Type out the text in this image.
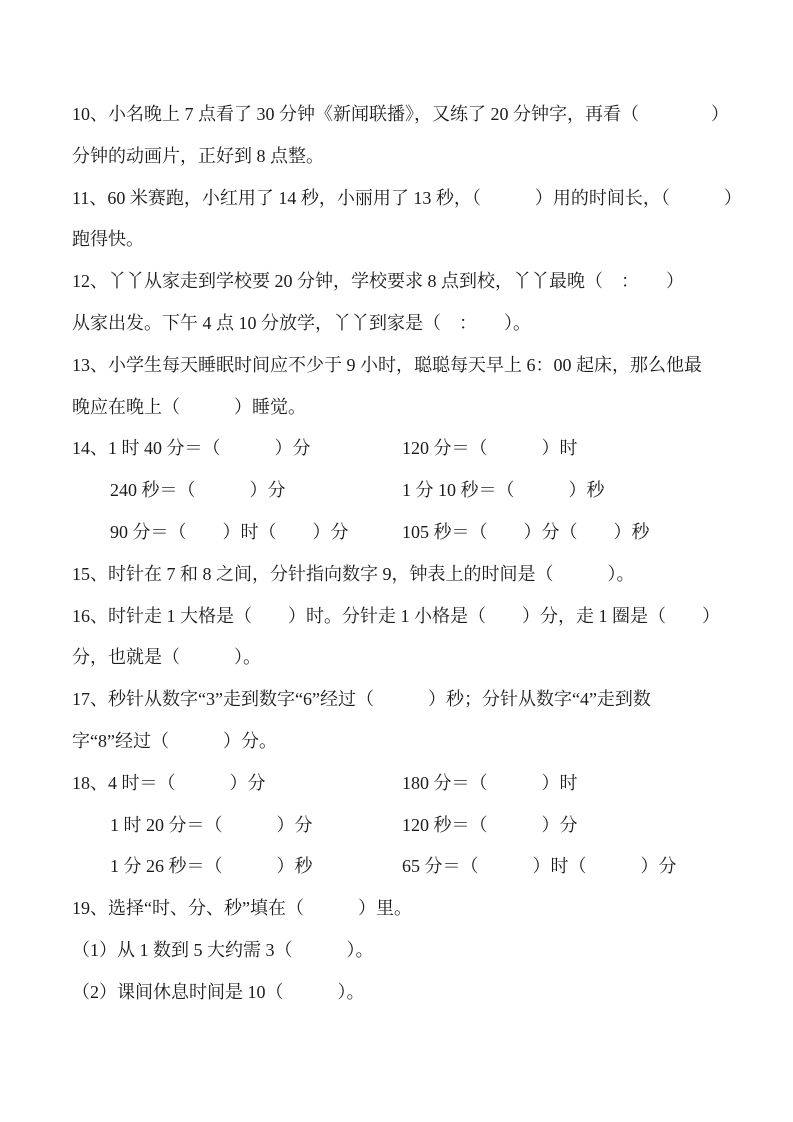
10、小名晚上 7 点看了 30 分钟《新闻联播》，又练了 20 分钟字，再看（　　　　）
分钟的动画片，正好到 8 点整。
11、60 米赛跑，小红用了 14 秒，小丽用了 13 秒，（　　　）用的时间长，（　　　）
跑得快。
12、丫丫从家走到学校要 20 分钟，学校要求 8 点到校，丫丫最晚（　：　　）
从家出发。下午 4 点 10 分放学，丫丫到家是（　：　　）。
13、小学生每天睡眠时间应不少于 9 小时，聪聪每天早上 6：00 起床，那么他最
晚应在晚上（　　　）睡觉。
14、1 时 40 分＝（　　　）分	120 分＝（　　　）时
240 秒＝（　　　）分	1 分 10 秒＝（　　　）秒
90 分＝（　　）时（　　）分	105 秒＝（　　）分（　　）秒
15、时针在 7 和 8 之间，分针指向数字 9，钟表上的时间是（　　　）。
16、时针走 1 大格是（　　）时。分针走 1 小格是（　　）分，走 1 圈是（　　）
分，也就是（　　　）。
17、秒针从数字“3”走到数字“6”经过（　　　）秒；分针从数字“4”走到数
字“8”经过（　　　）分。
18、4 时＝（　　　）分	180 分＝（　　　）时
1 时 20 分＝（　　　）分	120 秒＝（　　　）分
1 分 26 秒＝（　　　）秒	65 分＝（　　　）时（　　　）分
19、选择“时、分、秒”填在（　　　）里。
（1）从 1 数到 5 大约需 3（　　　）。
（2）课间休息时间是 10（　　　）。
